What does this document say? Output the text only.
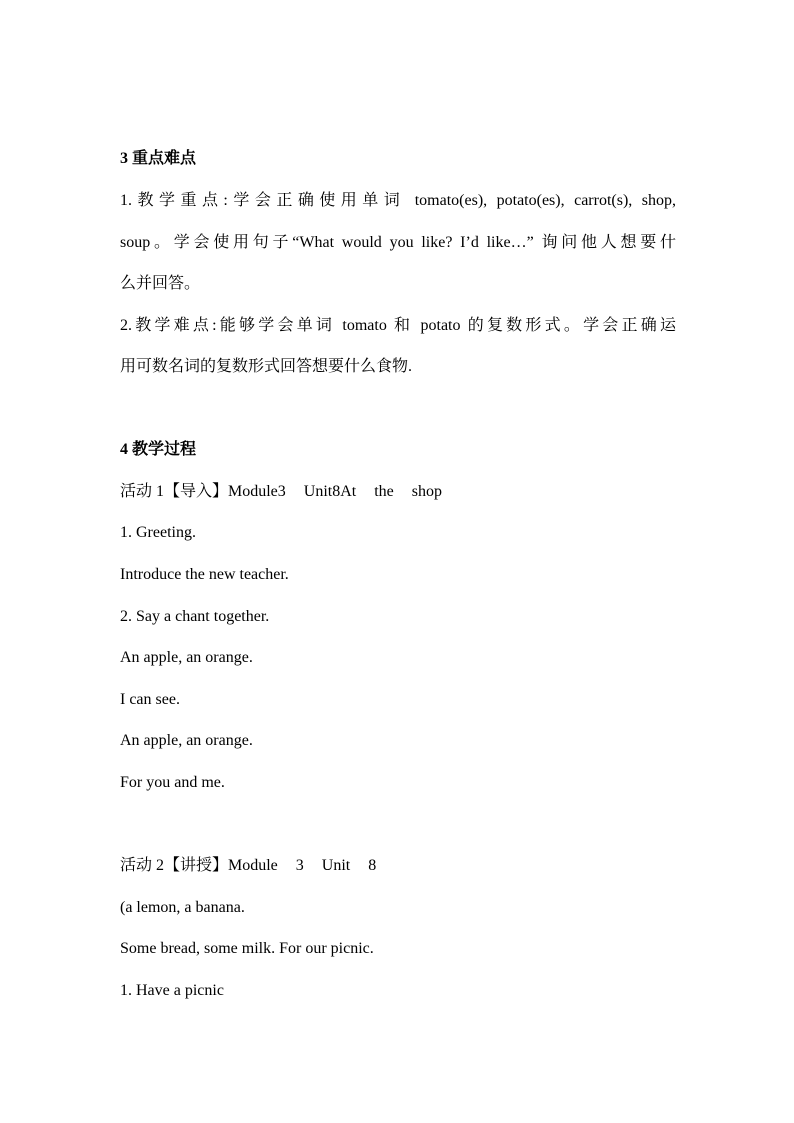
3 重点难点
1.教学重点:学会正确使用单词 tomato(es), potato(es), carrot(s), shop,
soup。学会使用句子“What would you like? I’d like…” 询问他人想要什
么并回答。
2.教学难点:能够学会单词 tomato 和 potato 的复数形式。学会正确运
用可数名词的复数形式回答想要什么食物.
4 教学过程
活动 1【导入】Module3 Unit8At the shop
1. Greeting.
Introduce the new teacher.
2. Say a chant together.
An apple, an orange.
I can see.
An apple, an orange.
For you and me.
活动 2【讲授】Module 3 Unit 8
(a lemon, a banana.
Some bread, some milk. For our picnic.
1. Have a picnic
